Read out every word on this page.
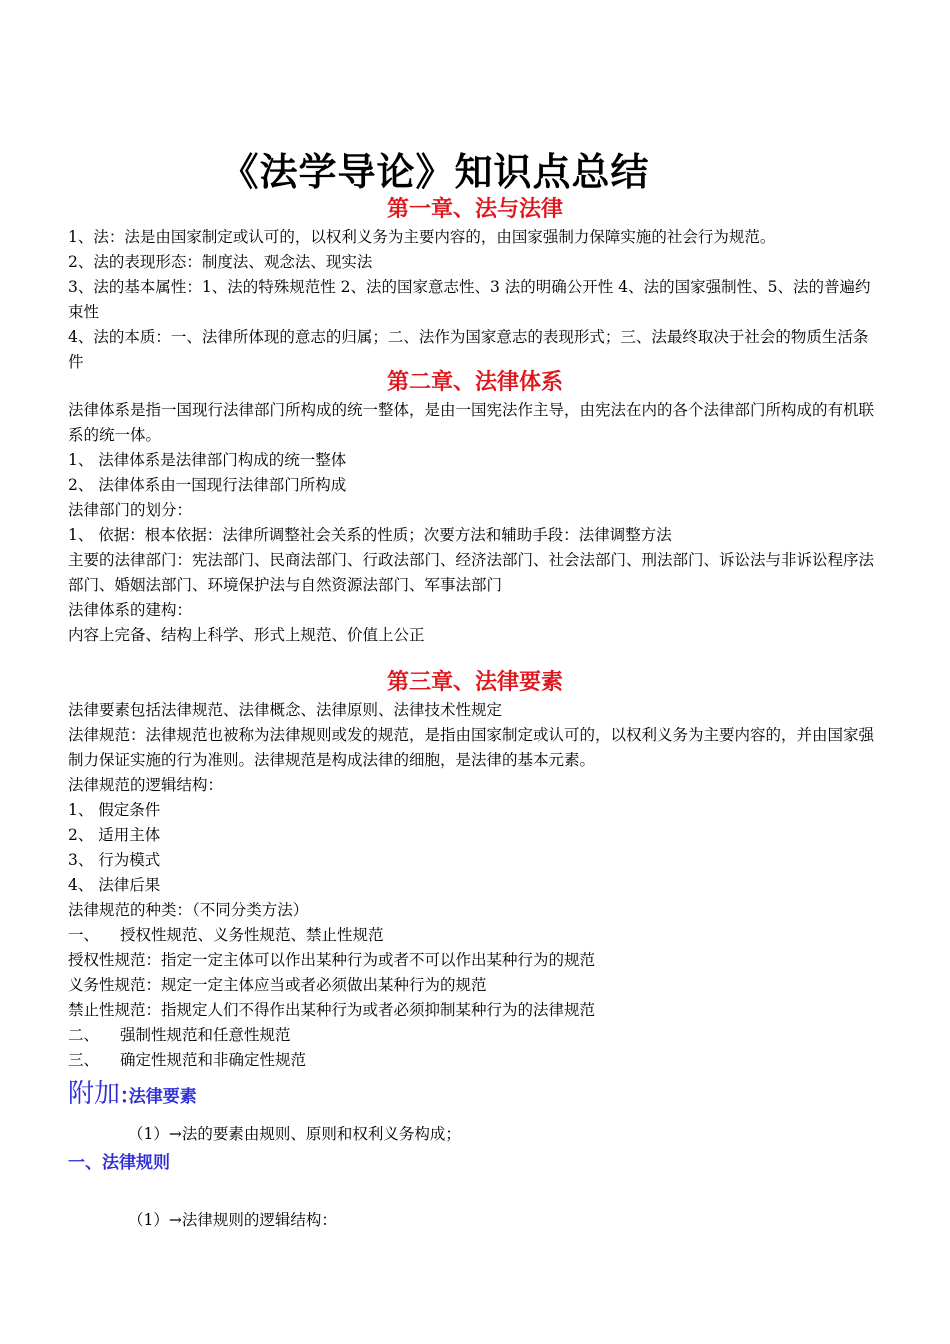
《法学导论》知识点总结
第一章、法与法律

1、法：法是由国家制定或认可的，以权利义务为主要内容的，由国家强制力保障实施的社会行为规范。

2、法的表现形态：制度法、观念法、现实法

3、法的基本属性：1、法的特殊规范性 2、法的国家意志性、3 法的明确公开性 4、法的国家强制性、5、法的普遍约束性

4、法的本质：一、法律所体现的意志的归属；二、法作为国家意志的表现形式；三、法最终取决于社会的物质生活条件

第二章、法律体系

法律体系是指一国现行法律部门所构成的统一整体，是由一国宪法作主导，由宪法在内的各个法律部门所构成的有机联系的统一体。

1、 法律体系是法律部门构成的统一整体

2、 法律体系由一国现行法律部门所构成

法律部门的划分：

1、 依据：根本依据：法律所调整社会关系的性质；次要方法和辅助手段：法律调整方法

主要的法律部门：宪法部门、民商法部门、行政法部门、经济法部门、社会法部门、刑法部门、诉讼法与非诉讼程序法部门、婚姻法部门、环境保护法与自然资源法部门、军事法部门

法律体系的建构：

内容上完备、结构上科学、形式上规范、价值上公正

第三章、法律要素

法律要素包括法律规范、法律概念、法律原则、法律技术性规定

法律规范：法律规范也被称为法律规则或发的规范，是指由国家制定或认可的，以权利义务为主要内容的，并由国家强制力保证实施的行为准则。法律规范是构成法律的细胞，是法律的基本元素。

法律规范的逻辑结构：

1、 假定条件

2、 适用主体

3、 行为模式

4、 法律后果

法律规范的种类：（不同分类方法）

一、 授权性规范、义务性规范、禁止性规范

授权性规范：指定一定主体可以作出某种行为或者不可以作出某种行为的规范

义务性规范：规定一定主体应当或者必须做出某种行为的规范

禁止性规范：指规定人们不得作出某种行为或者必须抑制某种行为的法律规范

二、 强制性规范和任意性规范

三、 确定性规范和非确定性规范

附加:法律要素

（1）→法的要素由规则、原则和权利义务构成；

一、法律规则

（1）→法律规则的逻辑结构：
